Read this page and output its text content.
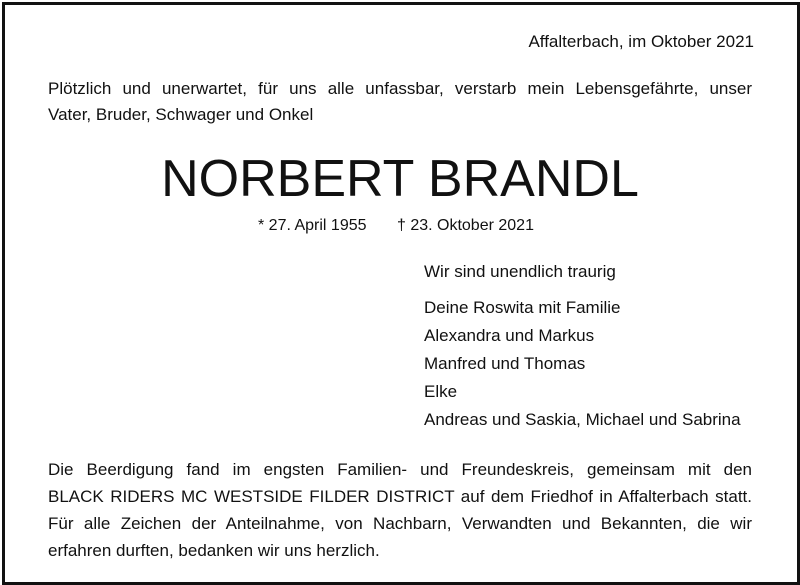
Affalterbach, im Oktober 2021
Plötzlich und unerwartet, für uns alle unfassbar, verstarb mein Lebensgefährte, unser
Vater, Bruder, Schwager und Onkel
NORBERT BRANDL
* 27. April 1955 † 23. Oktober 2021
Wir sind unendlich traurig
Deine Roswita mit Familie
Alexandra und Markus
Manfred und Thomas
Elke
Andreas und Saskia, Michael und Sabrina
Die Beerdigung fand im engsten Familien- und Freundeskreis, gemeinsam mit den
BLACK RIDERS MC WESTSIDE FILDER DISTRICT auf dem Friedhof in Affalterbach statt.
Für alle Zeichen der Anteilnahme, von Nachbarn, Verwandten und Bekannten, die wir
erfahren durften, bedanken wir uns herzlich.
